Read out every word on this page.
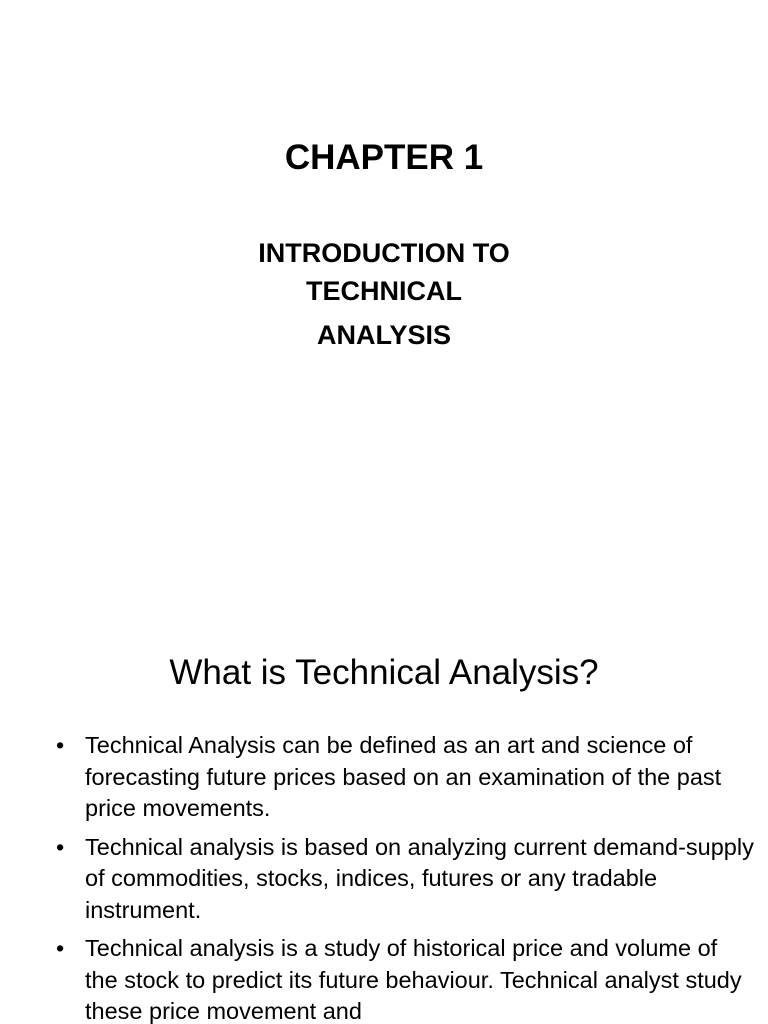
CHAPTER 1
INTRODUCTION TO
TECHNICAL
ANALYSIS
What is Technical Analysis?
• Technical Analysis can be defined as an art and science of forecasting future prices based on an examination of the past price movements.
• Technical analysis is based on analyzing current demand-supply of commodities, stocks, indices, futures or any tradable instrument.
• Technical analysis is a study of historical price and volume of the stock to predict its future behaviour. Technical analyst study these price movement and
